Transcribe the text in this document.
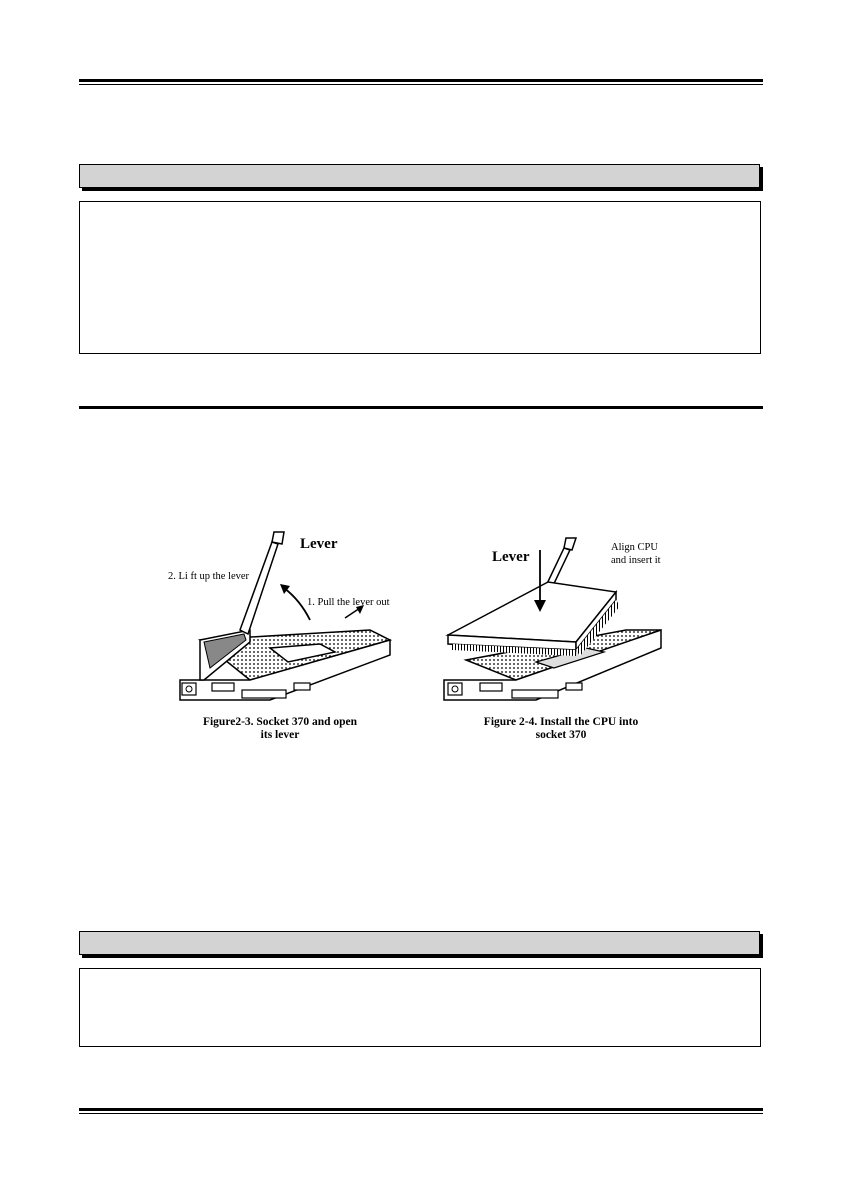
Lever
2. Li ft up the lever
1. Pull the lever out
Figure2-3. Socket 370 and open
its lever
Lever
Align CPU
and insert it
Figure 2-4. Install the CPU into
socket 370
